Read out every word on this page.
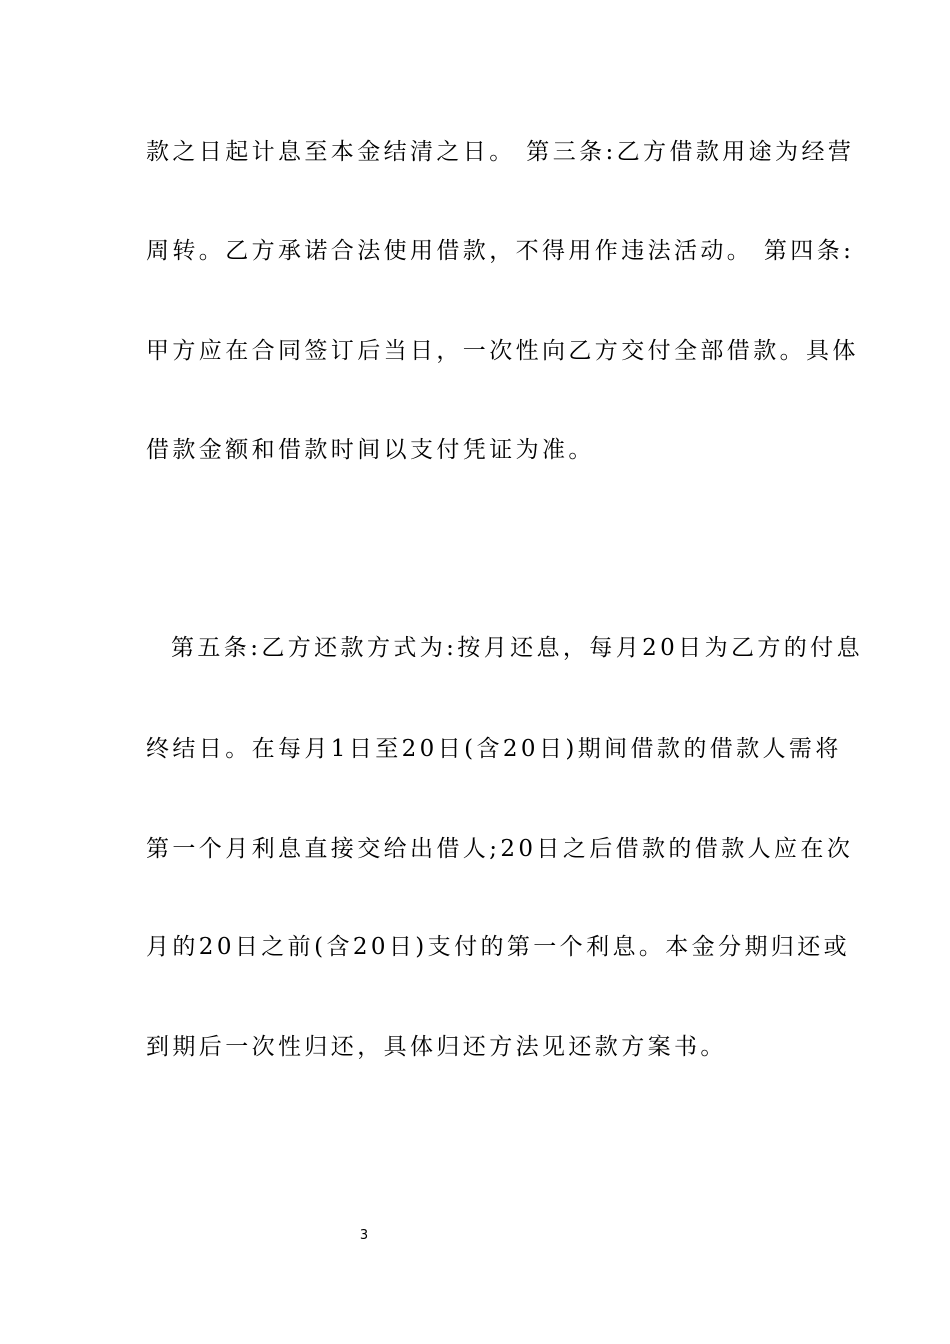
款之日起计息至本金结清之日。 第三条:乙方借款用途为经营
周转。乙方承诺合法使用借款，不得用作违法活动。 第四条:
甲方应在合同签订后当日，一次性向乙方交付全部借款。具体
借款金额和借款时间以支付凭证为准。
第五条:乙方还款方式为:按月还息，每月20日为乙方的付息
终结日。在每月1日至20日(含20日)期间借款的借款人需将
第一个月利息直接交给出借人;20日之后借款的借款人应在次
月的20日之前(含20日)支付的第一个利息。本金分期归还或
到期后一次性归还，具体归还方法见还款方案书。
3
